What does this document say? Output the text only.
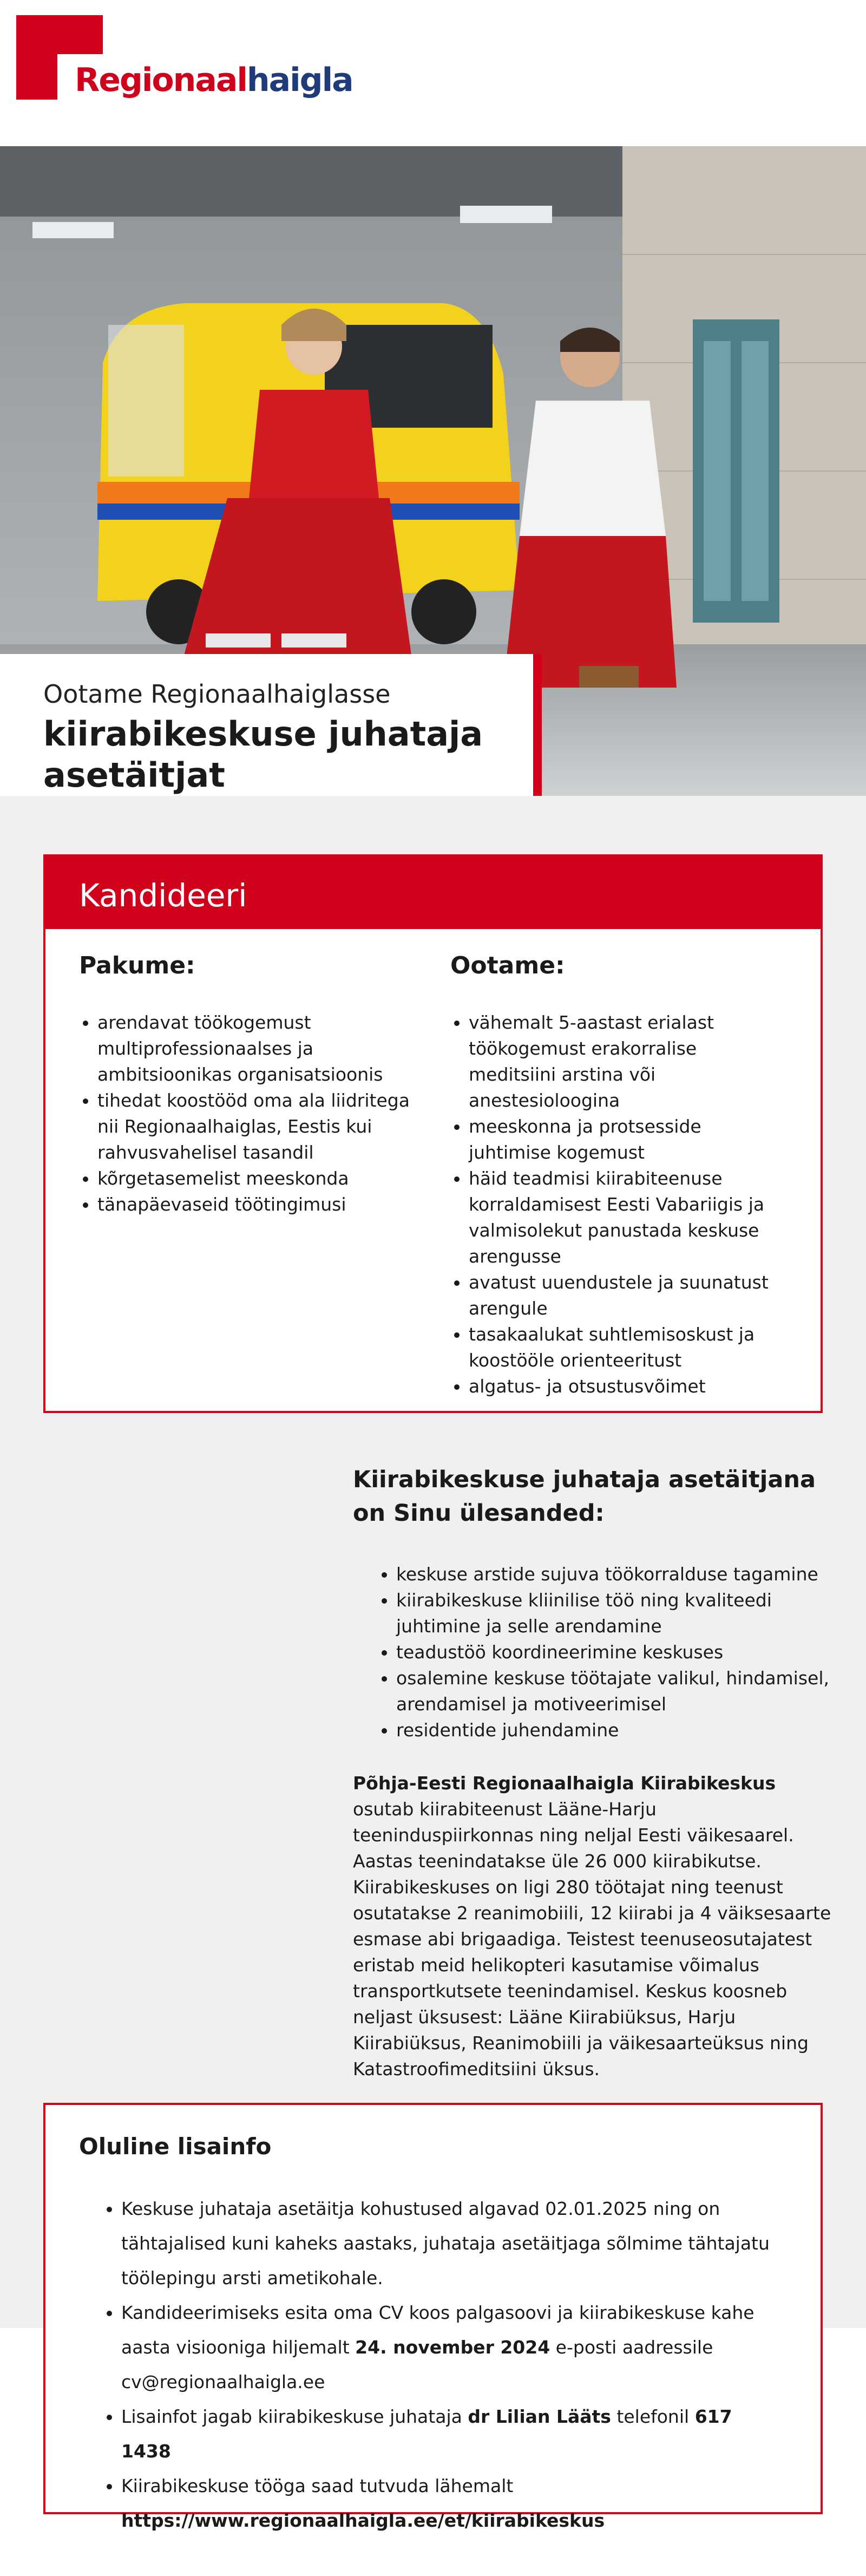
Regionaalhaigla
Ootame Regionaalhaiglasse
kiirabikeskuse juhataja asetäitjat
Kandideeri
Pakume:
• arendavat töökogemust multiprofessionaalses ja ambitsioonikas organisatsioonis
• tihedat koostööd oma ala liidritega nii Regionaalhaiglas, Eestis kui rahvusvahelisel tasandil
• kõrgetasemelist meeskonda
• tänapäevaseid töötingimusi
Ootame:
• vähemalt 5-aastast erialast töökogemust erakorralise meditsiini arstina või anestesioloogina
• meeskonna ja protsesside juhtimise kogemust
• häid teadmisi kiirabiteenuse korraldamisest Eesti Vabariigis ja valmisolekut panustada keskuse arengusse
• avatust uuendustele ja suunatust arengule
• tasakaalukat suhtlemisoskust ja koostööle orienteeritust
• algatus- ja otsustusvõimet
Kiirabikeskuse juhataja asetäitjana on Sinu ülesanded:
• keskuse arstide sujuva töökorralduse tagamine
• kiirabikeskuse kliinilise töö ning kvaliteedi juhtimine ja selle arendamine
• teadustöö koordineerimine keskuses
• osalemine keskuse töötajate valikul, hindamisel, arendamisel ja motiveerimisel
• residentide juhendamine

Põhja-Eesti Regionaalhaigla Kiirabikeskus osutab kiirabiteenust Lääne-Harju teeninduspiirkonnas ning neljal Eesti väikesaarel. Aastas teenindatakse üle 26 000 kiirabikutse. Kiirabikeskuses on ligi 280 töötajat ning teenust osutatakse 2 reanimobiili, 12 kiirabi ja 4 väiksesaarte esmase abi brigaadiga. Teistest teenuseosutajatest eristab meid helikopteri kasutamise võimalus transportkutsete teenindamisel. Keskus koosneb neljast üksusest: Lääne Kiirabiüksus, Harju Kiirabiüksus, Reanimobiili ja väikesaarteüksus ning Katastroofimeditsiini üksus.

Oluline lisainfo
• Keskuse juhataja asetäitja kohustused algavad 02.01.2025 ning on tähtajalised kuni kaheks aastaks, juhataja asetäitjaga sõlmime tähtajatu töölepingu arsti ametikohale.
• Kandideerimiseks esita oma CV koos palgasoovi ja kiirabikeskuse kahe aasta visiooniga hiljemalt 24. november 2024 e-posti aadressile cv@regionaalhaigla.ee
• Lisainfot jagab kiirabikeskuse juhataja dr Lilian Lääts telefonil 617 1438
• Kiirabikeskuse tööga saad tutvuda lähemalt https://www.regionaalhaigla.ee/et/kiirabikeskus
